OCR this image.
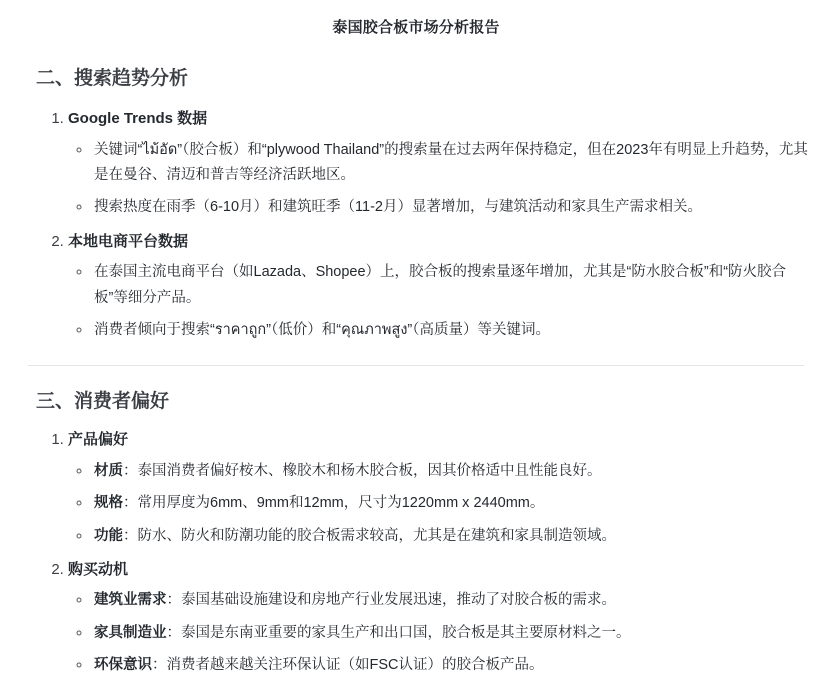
泰国胶合板市场分析报告
二、搜索趋势分析
1. Google Trends 数据
◦ 关键词“ไม้อัด”（胶合板）和“plywood Thailand”的搜索量在过去两年保持稳定，但在2023年有明显上升趋势，尤其是在曼谷、清迈和普吉等经济活跃地区。
◦ 搜索热度在雨季（6-10月）和建筑旺季（11-2月）显著增加，与建筑活动和家具生产需求相关。
2. 本地电商平台数据
◦ 在泰国主流电商平台（如Lazada、Shopee）上，胶合板的搜索量逐年增加，尤其是“防水胶合板”和“防火胶合板”等细分产品。
◦ 消费者倾向于搜索“ราคาถูก”（低价）和“คุณภาพสูง”（高质量）等关键词。
三、消费者偏好
1. 产品偏好
◦ 材质：泰国消费者偏好桉木、橡胶木和杨木胶合板，因其价格适中且性能良好。
◦ 规格：常用厚度为6mm、9mm和12mm，尺寸为1220mm x 2440mm。
◦ 功能：防水、防火和防潮功能的胶合板需求较高，尤其是在建筑和家具制造领域。
2. 购买动机
◦ 建筑业需求：泰国基础设施建设和房地产行业发展迅速，推动了对胶合板的需求。
◦ 家具制造业：泰国是东南亚重要的家具生产和出口国，胶合板是其主要原材料之一。
◦ 环保意识：消费者越来越关注环保认证（如FSC认证）的胶合板产品。
